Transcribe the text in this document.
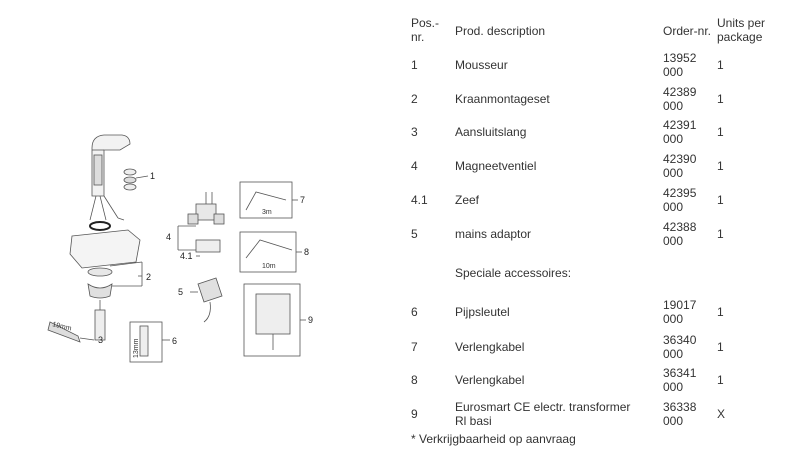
1
2
3
4
4.1
5
6
7
8
9
19mm
3m
10m
13mm
Pos.-
nr.	Prod. description	Order-nr.
Units per
package
1	Mousseur	13952
000	1
2	Kraanmontageset	42389
000	1
3	Aansluitslang	42391
000	1
4	Magneetventiel	42390
000	1
4.1 Zeef	42395
000	1
5	mains adaptor	42388
000	1
Speciale accessoires:
6	Pijpsleutel	19017
000	1
7	Verlengkabel	36340
000	1
8	Verlengkabel	36341
000	1
9	Eurosmart CE electr. transformer
Rl basi
36338
000	X
* Verkrijgbaarheid op aanvraag
